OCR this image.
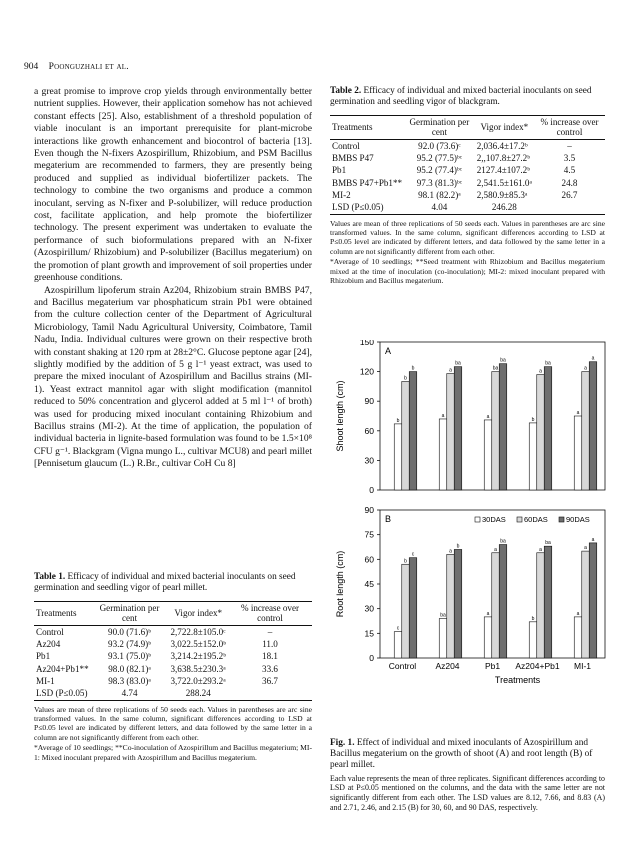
904 Poonguzhali et al.

a great promise to improve crop yields through environmentally better nutrient supplies. However, their application somehow has not achieved constant effects [25]. Also, establishment of a threshold population of viable inoculant is an important prerequisite for plant-microbe interactions like growth enhancement and biocontrol of bacteria [13]. Even though the N-fixers Azospirillum, Rhizobium, and PSM Bacillus megaterium are recommended to farmers, they are presently being produced and supplied as individual biofertilizer packets. The technology to combine the two organisms and produce a common inoculant, serving as N-fixer and P-solubilizer, will reduce production cost, facilitate application, and help promote the biofertilizer technology. The present experiment was undertaken to evaluate the performance of such bioformulations prepared with an N-fixer (Azospirillum/ Rhizobium) and P-solubilizer (Bacillus megaterium) on the promotion of plant growth and improvement of soil properties under greenhouse conditions.

Azospirillum lipoferum strain Az204, Rhizobium strain BMBS P47, and Bacillus megaterium var phosphaticum strain Pb1 were obtained from the culture collection center of the Department of Agricultural Microbiology, Tamil Nadu Agricultural University, Coimbatore, Tamil Nadu, India. Individual cultures were grown on their respective broth with constant shaking at 120 rpm at 28±2°C. Glucose peptone agar [24], slightly modified by the addition of 5 g l⁻¹ yeast extract, was used to prepare the mixed inoculant of Azospirillum and Bacillus strains (MI-1). Yeast extract mannitol agar with slight modification (mannitol reduced to 50% concentration and glycerol added at 5 ml l⁻¹ of broth) was used for producing mixed inoculant containing Rhizobium and Bacillus strains (MI-2). At the time of application, the population of individual bacteria in lignite-based formulation was found to be 1.5×10⁸ CFU g⁻¹. Blackgram (Vigna mungo L., cultivar MCU8) and pearl millet [Pennisetum glaucum (L.) R.Br., cultivar CoH Cu 8]

Table 1. Efficacy of individual and mixed bacterial inoculants on seed germination and seedling vigor of pearl millet.
Treatments	Germination per cent	Vigor index*	% increase over control
Control	90.0 (71.6)ᵇ	2,722.8±105.0ᶜ	–
Az204	93.2 (74.9)ᵇ	3,022.5±152.0ᵇ	11.0
Pb1	93.1 (75.0)ᵇ	3,214.2±195.2ᵇ	18.1
Az204+Pb1**	98.0 (82.1)ᵃ	3,638.5±230.3ᵃ	33.6
MI-1	98.3 (83.0)ᵃ	3,722.0±293.2ᵃ	36.7
LSD (P≤0.05)	4.74	288.24	
Values are mean of three replications of 50 seeds each. Values in parentheses are arc sine transformed values. In the same column, significant differences according to LSD at P≤0.05 level are indicated by different letters, and data followed by the same letter in a column are not significantly different from each other.
*Average of 10 seedlings; **Co-inoculation of Azospirillum and Bacillus megaterium; MI-1: Mixed inoculant prepared with Azospirillum and Bacillus megaterium.
Table 2. Efficacy of individual and mixed bacterial inoculants on seed germination and seedling vigor of blackgram.
Treatments	Germination per cent	Vigor index*	% increase over control
Control	92.0 (73.6)ᶜ	2,036.4±17.2ᵇ	–
BMBS P47	95.2 (77.5)ᵇᶜ	2,,107.8±27.2ᵇ	3.5
Pb1	95.2 (77.4)ᵇᶜ	2127.4±107.2ᵇ	4.5
BMBS P47+Pb1**	97.3 (81.3)ᵇᶜ	2,541.5±161.0ᵃ	24.8
MI-2	98.1 (82.2)ᵃ	2,580.9±85.3ᵃ	26.7
LSD (P≤0.05)	4.04	246.28	
Values are mean of three replications of 50 seeds each. Values in parentheses are arc sine transformed values. In the same column, significant differences according to LSD at P≤0.05 level are indicated by different letters, and data followed by the same letter in a column are not significantly different from each other.
*Average of 10 seedlings; **Seed treatment with Rhizobium and Bacillus megaterium mixed at the time of inoculation (co-inoculation); MI-2: mixed inoculant prepared with Rhizobium and Bacillus megaterium.
0
30
60
90
120
150
Shoot length (cm)
A
b
b
b
a
a
ba
a
ba
ba
b
a
ba
a
a
a
0
15
30
45
60
75
90
Root length (cm)
B
c
b
c
Control
ba
a
b
Az204
a
a
ba
Pb1
b
a
ba
Az204+Pb1
a
a
a
MI-1
Treatments
30DAS 60DAS 90DAS
Fig. 1. Effect of individual and mixed inoculants of Azospirillum and Bacillus megaterium on the growth of shoot (A) and root length (B) of pearl millet.
Each value represents the mean of three replicates. Significant differences according to LSD at P≤0.05 mentioned on the columns, and the data with the same letter are not significantly different from each other. The LSD values are 8.12, 7.66, and 8.83 (A) and 2.71, 2.46, and 2.15 (B) for 30, 60, and 90 DAS, respectively.
